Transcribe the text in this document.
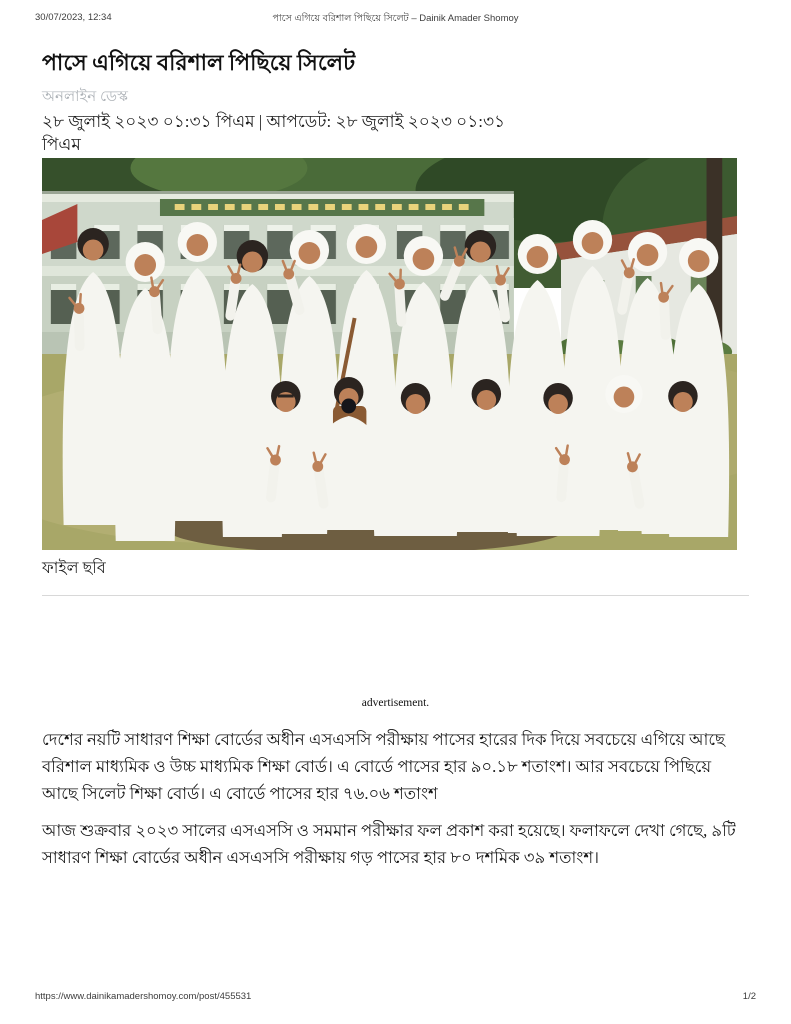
30/07/2023, 12:34	পাসে এগিয়ে বরিশাল পিছিয়ে সিলেট – Dainik Amader Shomoy
পাসে এগিয়ে বরিশাল পিছিয়ে সিলেট
অনলাইন ডেস্ক
২৮ জুলাই ২০২৩ ০১:৩১ পিএম | আপডেট: ২৮ জুলাই ২০২৩ ০১:৩১ পিএম
ফাইল ছবি
advertisement.

দেশের নয়টি সাধারণ শিক্ষা বোর্ডের অধীন এসএসসি পরীক্ষায় পাসের হারের দিক দিয়ে সবচেয়ে এগিয়ে আছে বরিশাল মাধ্যমিক ও উচ্চ মাধ্যমিক শিক্ষা বোর্ড। এ বোর্ডে পাসের হার ৯০.১৮ শতাংশ। আর সবচেয়ে পিছিয়ে আছে সিলেট শিক্ষা বোর্ড। এ বোর্ডে পাসের হার ৭৬.০৬ শতাংশ

আজ শুক্রবার ২০২৩ সালের এসএসসি ও সমমান পরীক্ষার ফল প্রকাশ করা হয়েছে। ফলাফলে দেখা গেছে, ৯টি সাধারণ শিক্ষা বোর্ডের অধীন এসএসসি পরীক্ষায় গড় পাসের হার ৮০ দশমিক ৩৯ শতাংশ।

https://www.dainikamadershomoy.com/post/455531	1/2
